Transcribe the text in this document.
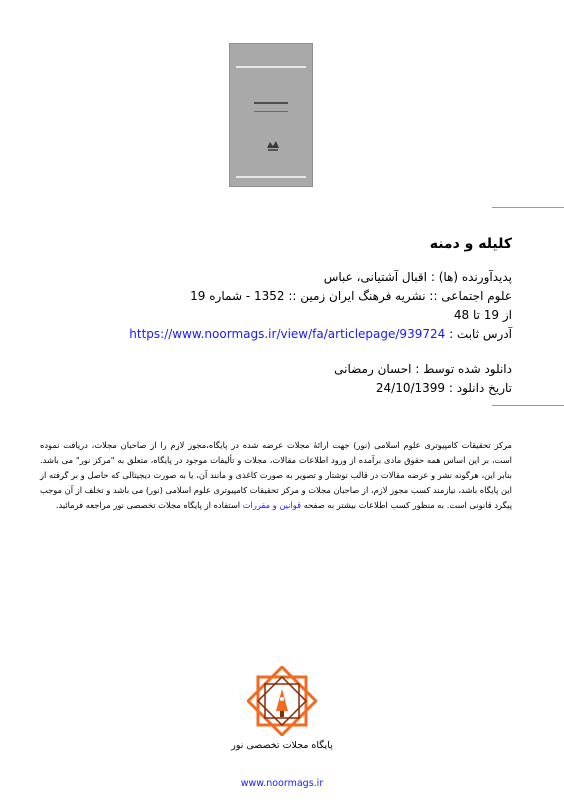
کلیله و دمنه
پدیدآورنده (ها) : اقبال آشتیانی، عباس
علوم اجتماعی :: نشریه فرهنگ ایران زمین :: 1352 - شماره 19
از 19 تا 48
آدرس ثابت : https://www.noormags.ir/view/fa/articlepage/939724
دانلود شده توسط : احسان رمضانی
تاریخ دانلود : 24/10/1399
مرکز تحقیقات کامپیوتری علوم اسلامی (نور) جهت ارائۀ مجلات عرضه شده در پایگاه،مجوز لازم را از صاحبان مجلات، دریافت نموده است، بر این اساس همه حقوق مادی برآمده از ورود اطلاعات مقالات، مجلات و تألیفات موجود در پایگاه، متعلق به "مرکز نور" می باشد. بنابر این، هرگونه نشر و عرضه مقالات در قالب نوشتار و تصویر به صورت کاغذی و مانند آن، یا به صورت دیجیتالی که حاصل و بر گرفته از این پایگاه باشد، نیازمند کسب مجوز لازم، از صاحبان مجلات و مرکز تحقیقات کامپیوتری علوم اسلامی (نور) می باشد و تخلف از آن موجب پیگرد قانونی است. به منظور کسب اطلاعات بیشتر به صفحه قوانین و مقررات استفاده از پایگاه مجلات تخصصی نور مراجعه فرمائید.
پایگاه مجلات تخصصی نور
www.noormags.ir
